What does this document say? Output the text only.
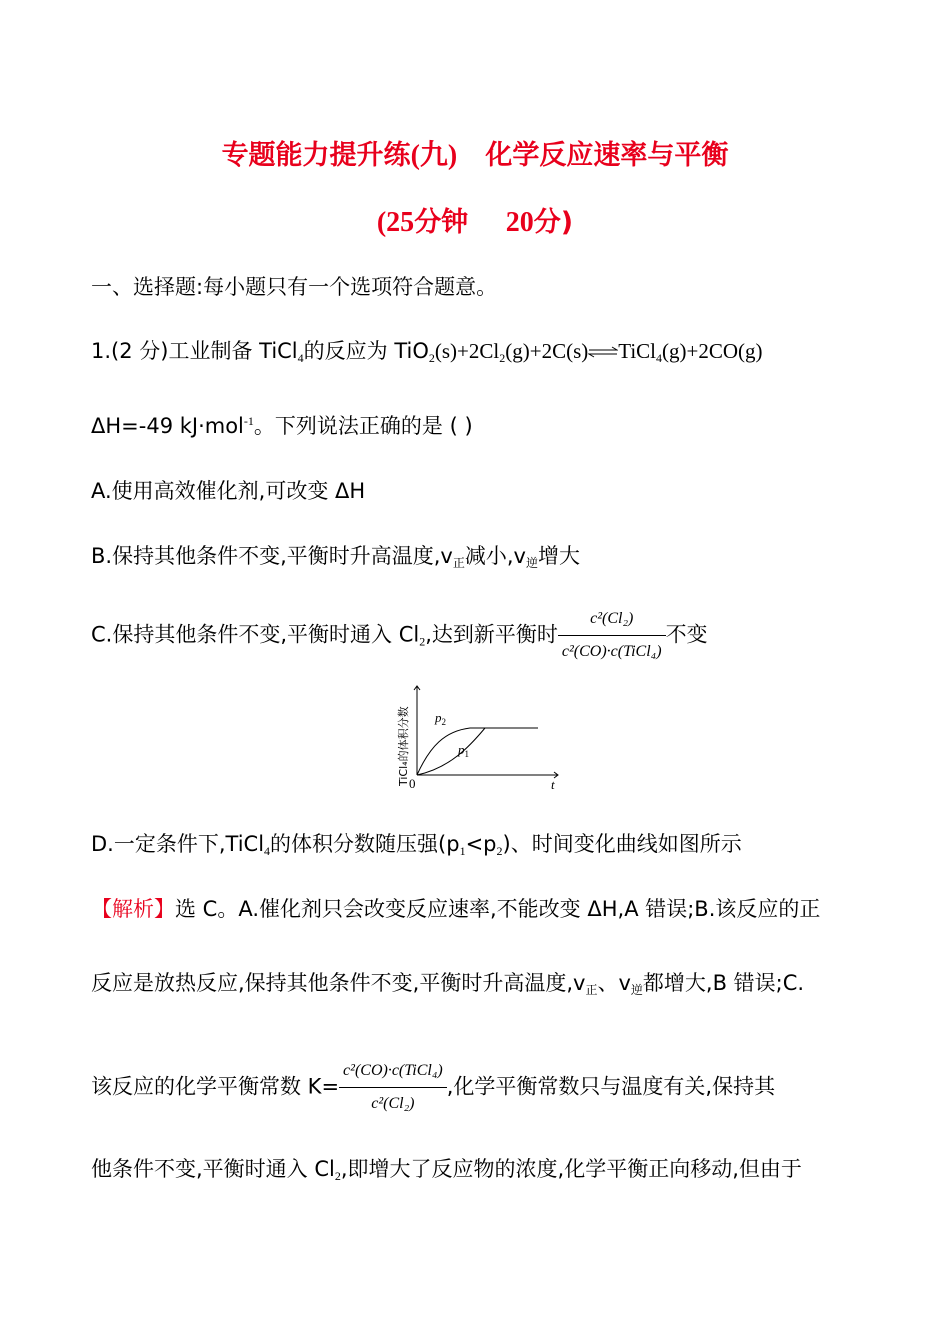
专题能力提升练(九) 化学反应速率与平衡
(25分钟 20分)
一、选择题:每小题只有一个选项符合题意。
1.(2 分)工业制备 TiCl$_4$的反应为 $TiO_2(s)+2Cl_2(g)+2C(s)\rightleftharpoons TiCl_4(g)+2CO(g)$
ΔH=-49 kJ·mol$^{-1}$。下列说法正确的是 ( )
A.使用高效催化剂,可改变 ΔH
B.保持其他条件不变,平衡时升高温度$,v_正$减小$,v_逆$增大
C.保持其他条件不变,平衡时通入 $Cl_2$,达到新平衡时 $\frac{\text{c²(Cl₂)}}{\text{c²(CO)·c(TiCl₄)}}$ 不变
0	t
$p_2$
$p_1$
TiCl₄的体积分数
D.一定条件下,TiCl$_4$的体积分数随压强$(p_1<p_2)$、时间变化曲线如图所示
【解析】选 C。A.催化剂只会改变反应速率,不能改变 ΔH,A 错误;B.该反应的正
反应是放热反应,保持其他条件不变,平衡时升高温度$,v_正$、$v_逆$都增大,B 错误;C.
该反应的化学平衡常数 $K= \frac{\text{c²(CO)·c(TiCl₄)}}{\text{c²(Cl₂)}}$ ,化学平衡常数只与温度有关,保持其
他条件不变,平衡时通入 $Cl_2$,即增大了反应物的浓度,化学平衡正向移动,但由于
